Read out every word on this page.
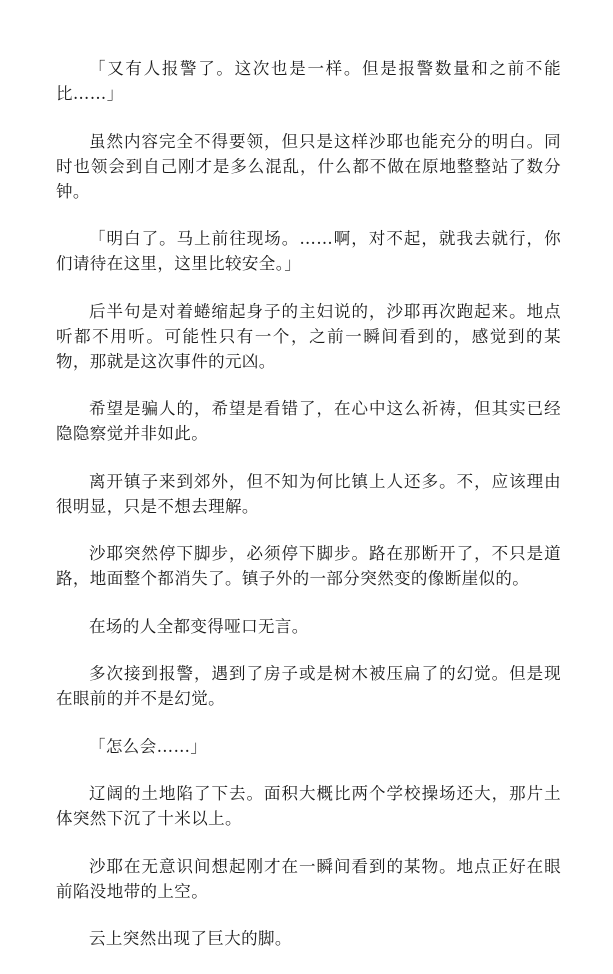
「又有人报警了。这次也是一样。但是报警数量和之前不能比……」

虽然内容完全不得要领，但只是这样沙耶也能充分的明白。同时也领会到自己刚才是多么混乱，什么都不做在原地整整站了数分钟。

「明白了。马上前往现场。……啊，对不起，就我去就行，你们请待在这里，这里比较安全。」

后半句是对着蜷缩起身子的主妇说的，沙耶再次跑起来。地点听都不用听。可能性只有一个，之前一瞬间看到的，感觉到的某物，那就是这次事件的元凶。

希望是骗人的，希望是看错了，在心中这么祈祷，但其实已经隐隐察觉并非如此。

离开镇子来到郊外，但不知为何比镇上人还多。不，应该理由很明显，只是不想去理解。

沙耶突然停下脚步，必须停下脚步。路在那断开了，不只是道路，地面整个都消失了。镇子外的一部分突然变的像断崖似的。

在场的人全都变得哑口无言。

多次接到报警，遇到了房子或是树木被压扁了的幻觉。但是现在眼前的并不是幻觉。

「怎么会……」

辽阔的土地陷了下去。面积大概比两个学校操场还大，那片土体突然下沉了十米以上。

沙耶在无意识间想起刚才在一瞬间看到的某物。地点正好在眼前陷没地带的上空。

云上突然出现了巨大的脚。
